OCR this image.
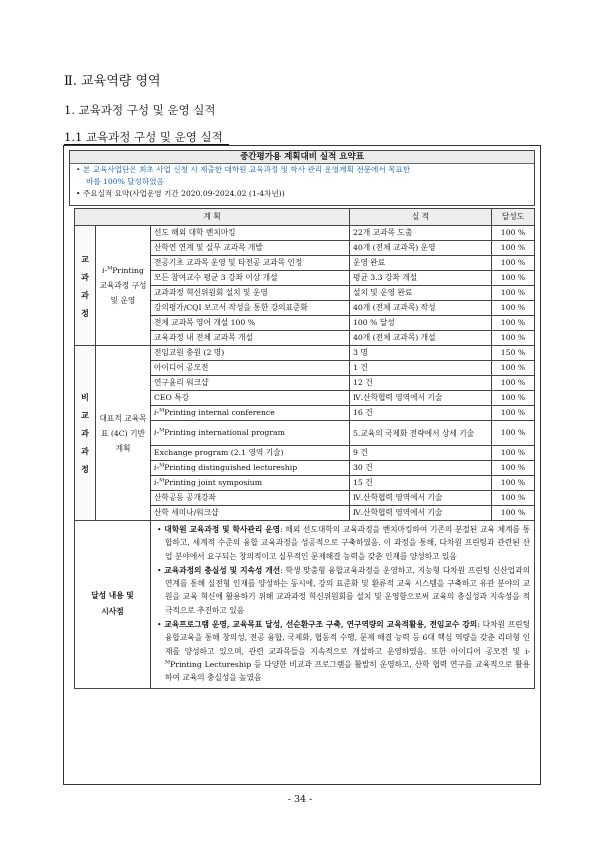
Ⅱ. 교육역량 영역
1. 교육과정 구성 및 운영 실적
1.1 교육과정 구성 및 운영 실적
중간평가용 계획대비 실적 요약표
• 본 교육사업단은 최초 사업 신청 시 제출한 대학원 교육과정 및 학사 관리 운영계획 전문에서 목표한
바를 100% 달성하였음
• 주요실적 요약(사업운영 기간 2020.09-2024.02 (1-4차년))
계 획			실 적	달성도

교
과
과
정	i-$^M$Printing 교육과정 구성 및 운영	선도 해외 대학 벤치마킹	22개 교과목 도출	100 %
		산학연 연계 및 실무 교과목 개발	40개 (전체 교과목) 운영	100 %
		전공기초 교과목 운영 및 타전공 교과목 인정	운영 완료	100 %
		모든 참여교수 평균 3 강좌 이상 개설	평균 3.3 강좌 개설	100 %
		교과과정 혁신위원회 설치 및 운영	설치 및 운영 완료	100 %
		강의평가/CQI 보고서 작성을 통한 강의표준화	40개 (전체 교과목) 작성	100 %
		전체 교과목 영어 개설 100 %	100 % 달성	100 %
		교육과정 내 전체 교과목 개설	40개 (전체 교과목) 개설	100 %

비
교
과
과
정	대표적 교육목표 (4C) 기반 계획	전임교원 충원 (2 명)	3 명	150 %
		아이디어 공모전	1 건	100 %
		연구윤리 워크샵	12 건	100 %
		CEO 특강	Ⅳ.산학협력 영역에서 기술	100 %
		i-$^M$Printing internal conference	16 건	100 %
		i-$^M$Printing international program	5.교육의 국제화 전략에서 상세 기술	100 %
		Exchange program (2.1 영역 기술)	9 건	100 %
		i-$^M$Printing distinguished lectureship	30 건	100 %
		i-$^M$Printing joint symposium	15 건	100 %
		산학공동 공개강좌	Ⅳ.산학협력 영역에서 기술	100 %
		산학 세미나/워크샵	Ⅳ.산학협력 영역에서 기술	100 %
달성 내용 및
시사점		• 대학원 교육과정 및 학사관리 운영: 해외 선도대학의 교육과정을 벤치마킹하여 기존의 분절된 교육 체계를 통합하고, 세계적 수준의 융합 교육과정을 성공적으로 구축하였음. 이 과정을 통해, 다차원 프린팅과 관련된 산업 분야에서 요구되는 창의적이고 실무적인 문제해결 능력을 갖춘 인재를 양성하고 있음
• 교육과정의 충실성 및 지속성 개선: 학생 맞춤형 융합교육과정을 운영하고, 지능형 다차원 프린팅 신산업과의 연계를 통해 실전형 인재를 양성하는 동시에, 강의 표준화 및 환류적 교육 시스템을 구축하고 유관 분야의 교원을 교육 혁신에 활용하기 위해 교과과정 혁신위원회를 설치 및 운영함으로써 교육의 충실성과 지속성을 적극적으로 추진하고 있음
• 교육프로그램 운영, 교육목표 달성, 선순환구조 구축, 연구역량의 교육적활용, 전임교수 강의: 다차원 프린팅 융합교육을 통해 창의성, 전공 융합, 국제화, 협동적 수행, 문제 해결 능력 등 6대 핵심 역량을 갖춘 리더형 인재를 양성하고 있으며, 관련 교과목들을 지속적으로 개설하고 운영하였음. 또한 아이디어 공모전 및 i-$^M$Printing Lectureship 등 다양한 비교과 프로그램을 활발히 운영하고, 산학 협력 연구를 교육적으로 활용하여 교육의 충실성을 높였음		
- 34 -
